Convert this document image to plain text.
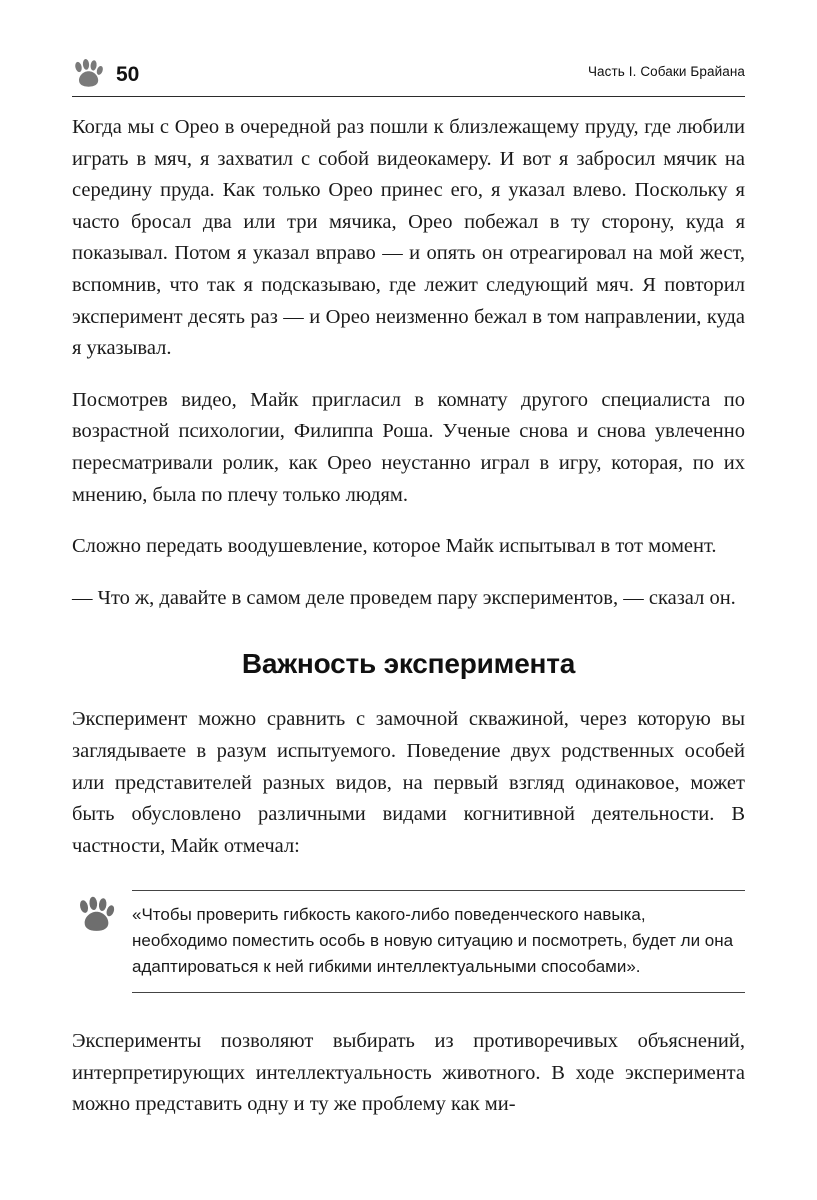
50	Часть I. Собаки Брайана

Когда мы с Орео в очередной раз пошли к близлежащему пруду, где любили играть в мяч, я захватил с собой видеокамеру. И вот я забросил мячик на середину пруда. Как только Орео принес его, я указал влево. Поскольку я часто бросал два или три мячика, Орео побежал в ту сторону, куда я показывал. Потом я указал вправо — и опять он отреагировал на мой жест, вспомнив, что так я подсказываю, где лежит следующий мяч. Я повторил эксперимент десять раз — и Орео неизменно бежал в том направлении, куда я указывал.

Посмотрев видео, Майк пригласил в комнату другого специалиста по возрастной психологии, Филиппа Роша. Ученые снова и снова увлеченно пересматривали ролик, как Орео неустанно играл в игру, которая, по их мнению, была по плечу только людям.

Сложно передать воодушевление, которое Майк испытывал в тот момент.

— Что ж, давайте в самом деле проведем пару экспериментов, — сказал он.

Важность эксперимента

Эксперимент можно сравнить с замочной скважиной, через которую вы заглядываете в разум испытуемого. Поведение двух родственных особей или представителей разных видов, на первый взгляд одинаковое, может быть обусловлено различными видами когнитивной деятельности. В частности, Майк отмечал:

«Чтобы проверить гибкость какого-либо поведенческого навыка, необходимо поместить особь в новую ситуацию и посмотреть, будет ли она адаптироваться к ней гибкими интеллектуальными способами».

Эксперименты позволяют выбирать из противоречивых объяснений, интерпретирующих интеллектуальность животного. В ходе эксперимента можно представить одну и ту же проблему как ми-
